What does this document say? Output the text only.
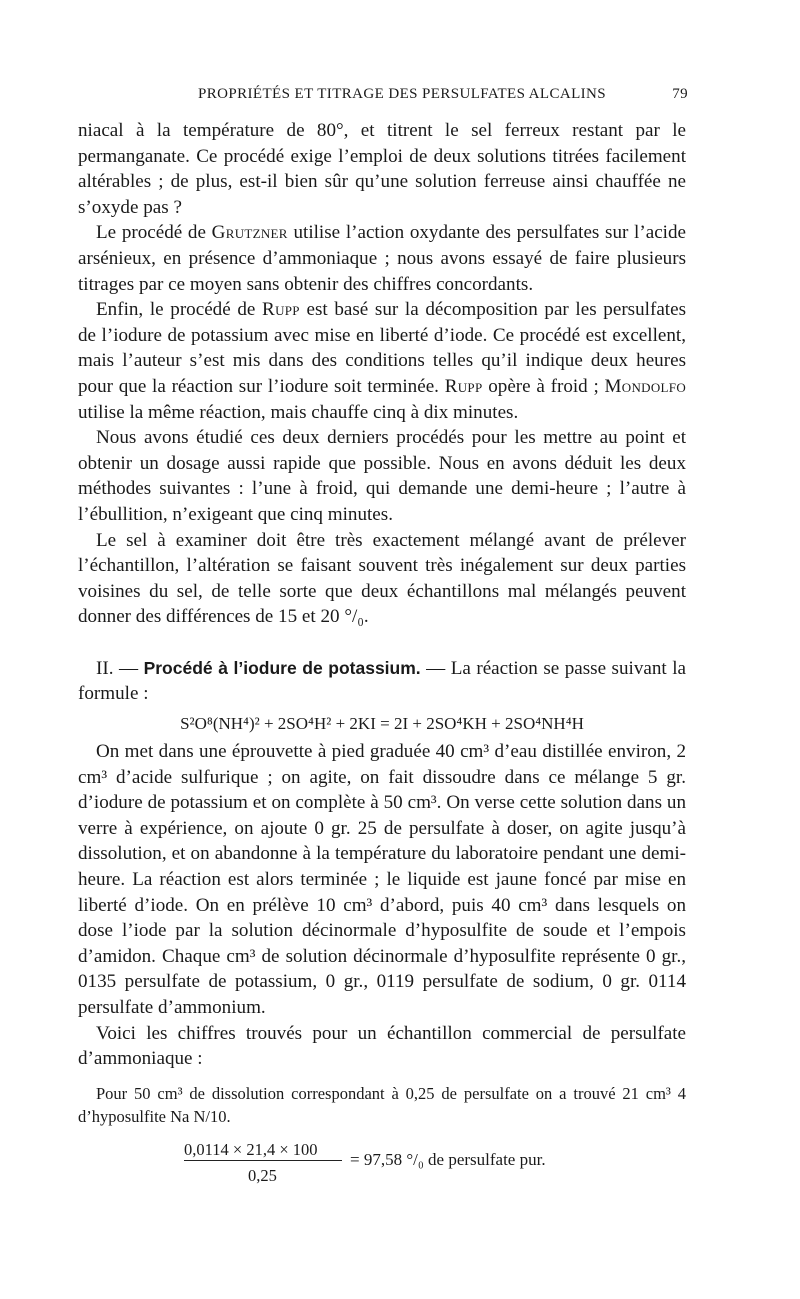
PROPRIÉTÉS ET TITRAGE DES PERSULFATES ALCALINS	79

niacal à la température de 80°, et titrent le sel ferreux restant par le permanganate. Ce procédé exige l’emploi de deux solutions titrées facilement altérables ; de plus, est-il bien sûr qu’une solution ferreuse ainsi chauffée ne s’oxyde pas ?

Le procédé de Grutzner utilise l’action oxydante des persulfates sur l’acide arsénieux, en présence d’ammoniaque ; nous avons essayé de faire plusieurs titrages par ce moyen sans obtenir des chiffres concordants.

Enfin, le procédé de Rupp est basé sur la décomposition par les persulfates de l’iodure de potassium avec mise en liberté d’iode. Ce procédé est excellent, mais l’auteur s’est mis dans des conditions telles qu’il indique deux heures pour que la réaction sur l’iodure soit terminée. Rupp opère à froid ; Mondolfo utilise la même réaction, mais chauffe cinq à dix minutes.

Nous avons étudié ces deux derniers procédés pour les mettre au point et obtenir un dosage aussi rapide que possible. Nous en avons déduit les deux méthodes suivantes : l’une à froid, qui demande une demi-heure ; l’autre à l’ébullition, n’exigeant que cinq minutes.

Le sel à examiner doit être très exactement mélangé avant de prélever l’échantillon, l’altération se faisant souvent très inégalement sur deux parties voisines du sel, de telle sorte que deux échantillons mal mélangés peuvent donner des différences de 15 et 20 °/₀.

II. — Procédé à l’iodure de potassium. — La réaction se passe suivant la formule :

S²O⁸(NH⁴)² + 2SO⁴H² + 2KI = 2I + 2SO⁴KH + 2SO⁴NH⁴H

On met dans une éprouvette à pied graduée 40 cm³ d’eau distillée environ, 2 cm³ d’acide sulfurique ; on agite, on fait dissoudre dans ce mélange 5 gr. d’iodure de potassium et on complète à 50 cm³. On verse cette solution dans un verre à expérience, on ajoute 0 gr. 25 de persulfate à doser, on agite jusqu’à dissolution, et on abandonne à la température du laboratoire pendant une demi-heure. La réaction est alors terminée ; le liquide est jaune foncé par mise en liberté d’iode. On en prélève 10 cm³ d’abord, puis 40 cm³ dans lesquels on dose l’iode par la solution décinormale d’hyposulfite de soude et l’empois d’amidon. Chaque cm³ de solution décinormale d’hyposulfite représente 0 gr., 0135 persulfate de potassium, 0 gr., 0119 persulfate de sodium, 0 gr. 0114 persulfate d’ammonium.

Voici les chiffres trouvés pour un échantillon commercial de persulfate d’ammoniaque :

Pour 50 cm³ de dissolution correspondant à 0,25 de persulfate on a trouvé 21 cm³ 4 d’hyposulfite Na N/10.

0,0114 × 21,4 × 100
0,25
= 97,58 °/₀ de persulfate pur.
